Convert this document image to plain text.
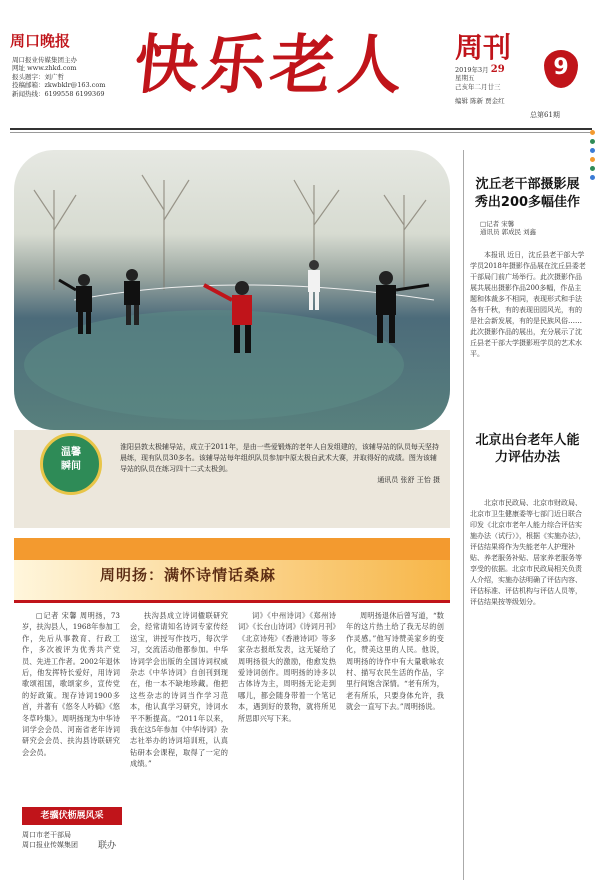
周口晚报
周口报业传媒集团主办
网址 www.zhkd.com
报头题字：刘广哲
投稿邮箱：zkwbklr@163.com
新闻热线：6199558 6199369 快乐老人 周刊
2019年3月 29
星期五
己亥年二月廿三
编辑 陈新 贾金红
9
总第61期
温馨
瞬间
淮阳县敦太极辅导站，成立于2011年，是由一些爱锻炼的老年人自发组建的，该辅导站的队员每天坚持晨练，现有队员30多名。该辅导站每年组织队员参加中原太极自武术大赛，并取得好的成绩。图为该辅导站的队员在练习四十二式太极剑。
通讯员 张舒 王怡 摄
沈丘老干部摄影展秀出200多幅佳作
□记者 宋馨
通讯员 郭成民 刘鑫
本报讯 近日，沈丘县老干部大学学员2018年摄影作品展在沈丘县委老干部局门前广场举行。此次摄影作品展共展出摄影作品200多幅，作品主题和体裁多不相同，表现形式和手法各有千秋，有的表现田园风光，有的是社会新发展，有的是民族风俗……此次摄影作品的展出，充分展示了沈丘县老干部大学摄影班学员的艺术水平。
北京出台老年人能力评估办法
北京市民政局、北京市财政局、北京市卫生健康委等七部门近日联合印发《北京市老年人能力综合评估实施办法（试行）》，根据《实施办法》，评估结果将作为失能老年人护理补贴、养老服务补贴、居家养老服务等享受的依据。北京市民政局相关负责人介绍，实施办法明确了评估内容、评估标准、评估机构与评估人员等，评估结果按等级划分。
周明扬：满怀诗情话桑麻
□记者 宋馨 周明扬，73岁，扶沟县人，1968年参加工作，先后从事教育、行政工作，多次被评为优秀共产党员、先进工作者。2002年退休后，他发挥特长爱好，用诗词歌颂祖国，歌颂家乡，宣传党的好政策。现存诗词1900多首，并著有《悠冬人吟稿》《悠冬草吟集》。周明扬现为中华诗词学会会员、河南省老年诗词研究会会员、扶沟县诗联研究会会员。
扶沟县成立诗词楹联研究会，经常请知名诗词专家传经送宝，讲授写作技巧，每次学习，交流活动他都参加。中华诗词学会出版的全国诗词权威杂志《中华诗词》自创刊到现在，他一本不缺地珍藏。他把这些杂志的诗词当作学习范本，他认真学习研究，诗词水平不断提高。“2011年以来，我在这5年参加《中华诗词》杂志社举办的诗词培训班，认真钻研本会课程，取得了一定的成绩。”
词》《中州诗词》《郑州诗词》《长台山诗词》《诗词月刊》《北京诗苑》《香港诗词》等多家杂志报纸发表，这无疑给了周明扬很大的激励，他愈发热爱诗词创作。周明扬的诗多以古体诗为主，周明扬无论走到哪儿，都会随身带着一个笔记本，遇到好的景物，就将所见所思即兴写下来。
周明扬退休后曾写道，“数年的这片热土给了我无尽的创作灵感。”他写诗赞美家乡的变化，赞美这里的人民。他说，周明扬的诗作中有大量歌咏农村、描写农民生活的作品，字里行间饱含深情。“老有所为，老有所乐，只要身体允许，我就会一直写下去。”周明扬说。
老骥伏枥展风采
周口市老干部局
周口报业传媒集团	联办
